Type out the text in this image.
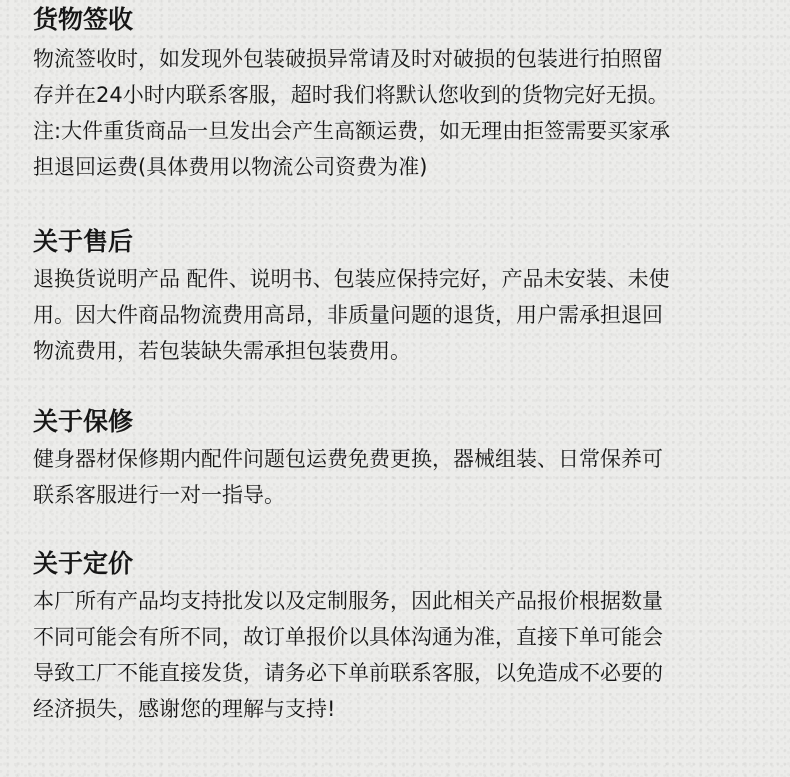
货物签收

物流签收时，如发现外包装破损异常请及时对破损的包装进行拍照留

存并在24小时内联系客服，超时我们将默认您收到的货物完好无损。

注:大件重货商品一旦发出会产生高额运费，如无理由拒签需要买家承

担退回运费(具体费用以物流公司资费为准)

关于售后

退换货说明产品 配件、说明书、包装应保持完好，产品未安装、未使

用。因大件商品物流费用高昂，非质量问题的退货，用户需承担退回

物流费用，若包装缺失需承担包装费用。

关于保修

健身器材保修期内配件问题包运费免费更换，器械组装、日常保养可

联系客服进行一对一指导。

关于定价

本厂所有产品均支持批发以及定制服务，因此相关产品报价根据数量

不同可能会有所不同，故订单报价以具体沟通为准，直接下单可能会

导致工厂不能直接发货，请务必下单前联系客服，以免造成不必要的

经济损失，感谢您的理解与支持!
